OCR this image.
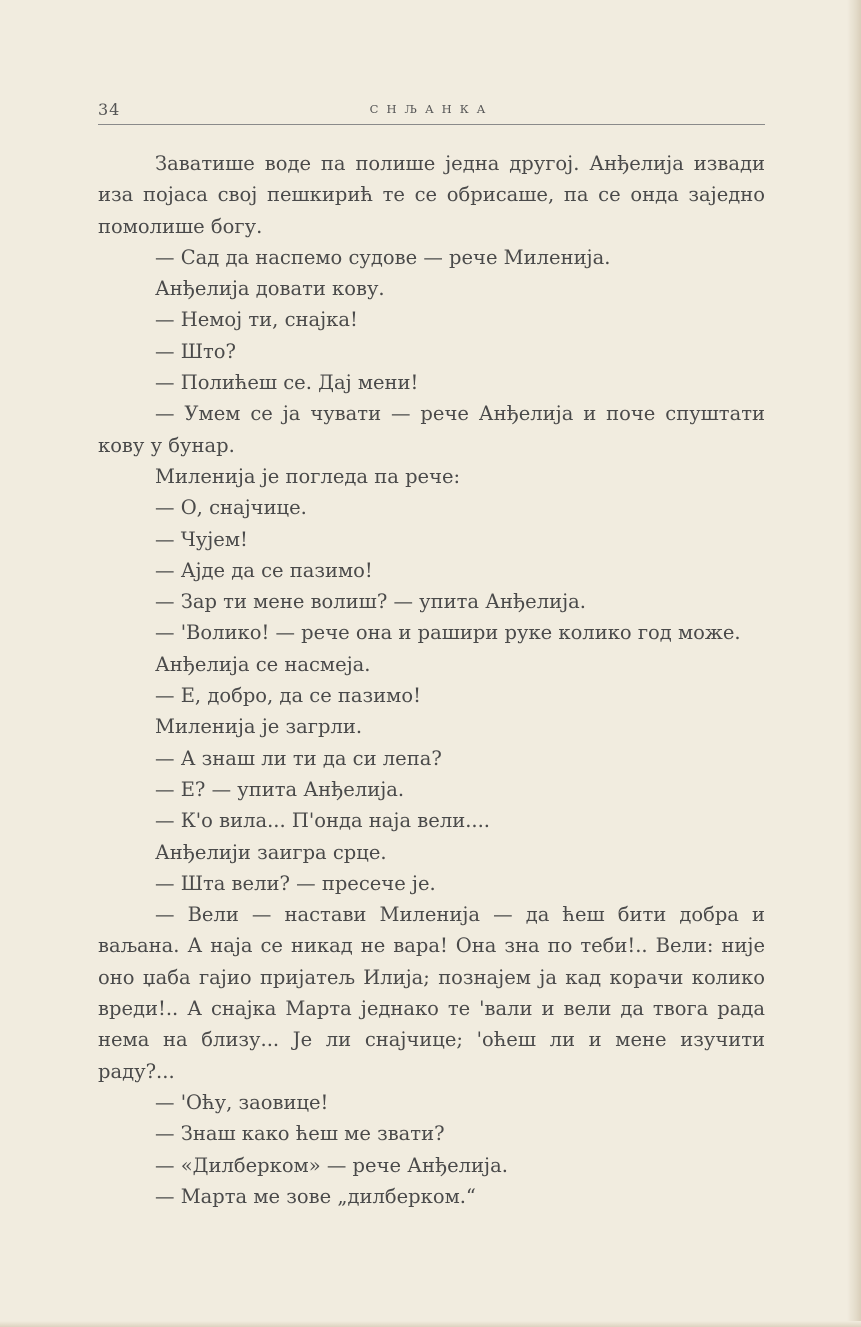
34	СНЉАНКА

Заватише воде па полише једна другој. Анђелија извади иза појаса свој пешкирић те се обрисаше, па се онда заједно помолише богу.

— Сад да наспемо судове — рече Миленија.

Анђелија довати кову.

— Немој ти, снајка!

— Што?

— Полићеш се. Дај мени!

— Умем се ја чувати — рече Анђелија и поче спуштати кову у бунар.

Миленија је погледа па рече:

— О, снајчице.

— Чујем!

— Ајде да се пазимо!

— Зар ти мене волиш? — упита Анђелија.

— 'Волико! — рече она и рашири руке колико год може.

Анђелија се насмеја.

— Е, добро, да се пазимо!

Миленија је загрли.

— А знаш ли ти да си лепа?

— Е? — упита Анђелија.

— К'о вила... П'онда наја вели....

Анђелији заигра срце.

— Шта вели? — пресече је.

— Вели — настави Миленија — да ћеш бити добра и ваљана. А наја се никад не вара! Она зна по теби!.. Вели: није оно џаба гајио пријатељ Илија; познајем ја кад корачи колико вреди!.. А снајка Марта једнако те 'вали и вели да твога рада нема на близу... Је ли снајчице; 'оћеш ли и мене изучити раду?...

— 'Оћу, заовице!

— Знаш како ћеш ме звати?

— «Дилберком» — рече Анђелија.

— Марта ме зове „дилберком.“
